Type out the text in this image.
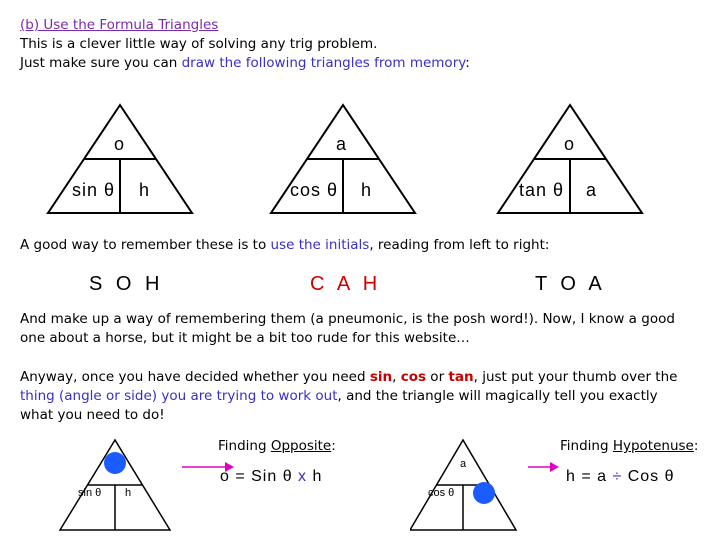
(b) Use the Formula Triangles
This is a clever little way of solving any trig problem.
Just make sure you can draw the following triangles from memory:
o
sin θ h
a
cos θ h
o
tan θ a
A good way to remember these is to use the initials, reading from left to right:
S O H	C A H	T O A
And make up a way of remembering them (a pneumonic, is the posh word!). Now, I know a good
one about a horse, but it might be a bit too rude for this website…
Anyway, once you have decided whether you need sin, cos or tan, just put your thumb over the
thing (angle or side) you are trying to work out, and the triangle will magically tell you exactly
what you need to do!
Finding Opposite:
sin θ h
o = Sin θ x h
Finding Hypotenuse:
a
cos θ
h = a ÷ Cos θ
